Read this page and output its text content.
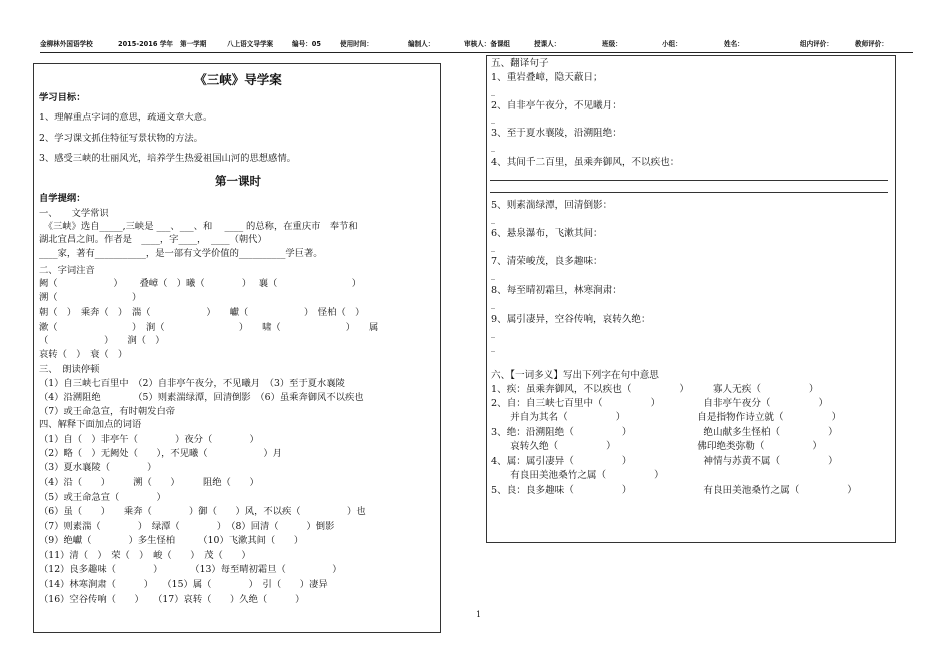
金柳林外国语学校	2015-2016 学年 第一学期	八上语文导学案	编号：05	使用时间：	编制人：	审核人：备课组	授课人：	班级：	小组：	姓名：	组内评价：	教师评价：
《三峡》导学案
学习目标：
1、理解重点字词的意思，疏通文章大意。
2、学习课文抓住特征写景状物的方法。
3、感受三峡的壮丽风光，培养学生热爱祖国山河的思想感情。
第一课时
自学提纲：
一、　　文学常识
　《三峡》选自_____,三峡是 ___、___、和　 ____ 的总称，在重庆市　奉节和
湖北宜昌之间。作者是　____，字____，　____（朝代）
____家，著有___________，是一部有文学价值的__________学巨著。
二、字词注音
阙（　　　　　　）　　 叠嶂（　）曦（　　　　）　 襄（　　　　　　　　）
溯（　　　　　　　　）
朝（　）　乘奔（　）　湍（　　　　　　）　　巘（　　　　　　）　怪柏（　）
漱（　　　　　　　　）　涧（　　　　　　　　）　　啸（　　　　　　　）　　属
（　　　　　　）　　涧（　）
哀转（　）　衰（　）
三、　朗读停顿
（1）自三峡七百里中　（2）自非亭午夜分，不见曦月　（3）至于夏水襄陵
（4）沿溯阻绝　　　　（5）则素湍绿潭，回清倒影　（6）虽乘奔御风不以疾也
（7）或王命急宣，有时朝发白帝
四、解释下面加点的词语
（1）自（　）非亭午（　　　　）夜分（　　　　）
（2）略（　）无阙处（　　），不见曦（　　　　　　）月
（3）夏水襄陵（　　　　）
（4）沿（　　）　　　溯（　　）　　　阻绝（　　）
（5）或王命急宣（　　　　）
（6）虽（　　）　　乘奔（　　　　）御（　　）风，不以疾（　　　　　）也
（7）则素湍（　　　　）　绿潭（　　　　）　（8）回清（　　　）倒影
（9）绝巘（　　　　）多生怪柏　　　（10）飞漱其间（　　）
（11）清（　）　荣（　）　峻（　　）　茂（　　）
（12）良多趣味（　　　　）　　　　（13）每至晴初霜旦（　　　　　）
（14）林寒涧肃（　　　）　　（15）属（　　　　）　引（　　）凄异
（16）空谷传响（　　）　　（17）哀转（　　）久绝（　　　）
五、翻译句子
1、重岩叠嶂，隐天蔽日；
_
2、自非亭午夜分，不见曦月：
_
3、至于夏水襄陵，沿溯阻绝：
_
4、其间千二百里，虽乘奔御风，不以疾也：
5、则素湍绿潭，回清倒影：
_
6、悬泉瀑布，飞漱其间：
_
7、清荣峻茂，良多趣味：
_
8、每至晴初霜旦，林寒涧肃：
_
9、属引凄异，空谷传响，哀转久绝：
_
_
六、【一词多义】写出下列字在句中意思
1、疾：虽乘奔御风，不以疾也（　　　　　）　　　寡人无疾（　　　　　）
2、自：自三峡七百里中（　　　　　）　　　　　自非亭午夜分（　　　　　）
　　并自为其名（　　　　　）　　　　　　　　自是指物作诗立就（　　　　　）
3、绝：沿溯阻绝（　　　　　）　　　　　　　　绝山献多生怪柏（　　　　　）
　　哀转久绝（　　　　　）　　　　　　　　　佛印绝类弥勒（　　　　　）
4、属：属引凄异（　　　　　）　　　　　　　　神情与苏黄不属（　　　　　）
　　有良田美池桑竹之属（　　　　　）
5、良：良多趣味（　　　　　）　　　　　　　　有良田美池桑竹之属（　　　　　）
1
